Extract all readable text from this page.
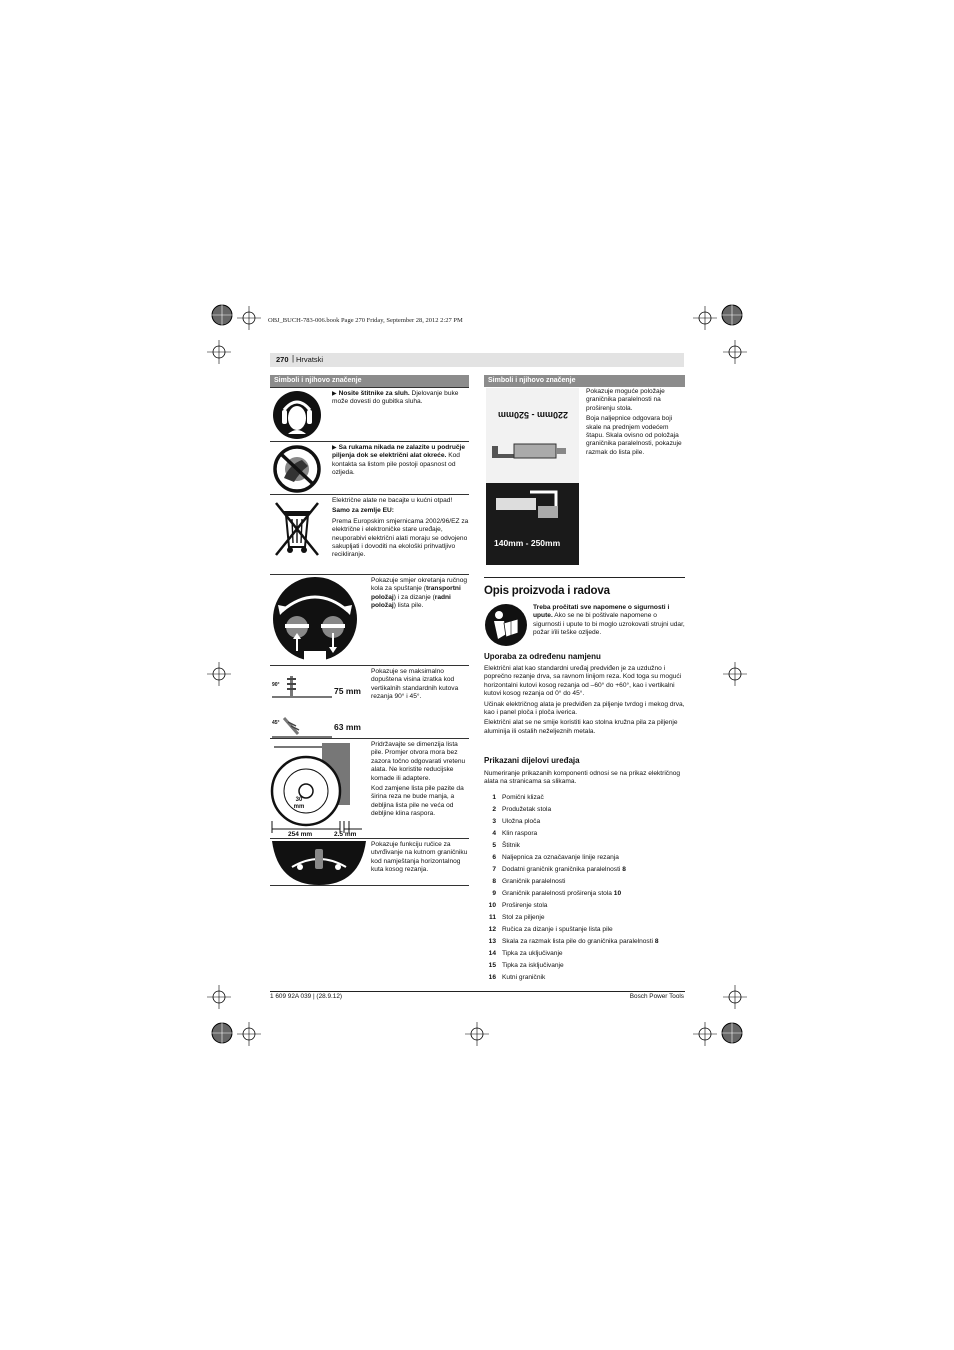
OBJ_BUCH-783-006.book Page 270 Friday, September 28, 2012 2:27 PM
270 | Hrvatski
Simboli i njihovo značenje
▶ Nosite štitnike za sluh. Djelovanje buke može dovesti do gubitka sluha.
▶ Sa rukama nikada ne zalazite u područje piljenja dok se električni alat okreće. Kod kontakta sa listom pile postoji opasnost od ozljeda.

Električne alate ne bacajte u kućni otpad!

Samo za zemlje EU:

Prema Europskim smjernicama 2002/96/EZ za električne i elektroničke stare uređaje, neuporabivi električni alati moraju se odvojeno sakupljati i dovoditi na ekološki prihvatljivo recikliranje.

Pokazuje smjer okretanja ručnog kola za spuštanje (transportni položaj) i za dizanje (radni položaj) lista pile.
90°
45°
75 mm
63 mm
Pokazuje se maksimalno dopuštena visina izratka kod vertikalnih standardnih kutova rezanja 90° i 45°.
30 mm
254 mm	2.5 mm

Pridržavajte se dimenzija lista pile. Promjer otvora mora bez zazora točno odgovarati vretenu alata. Ne koristite reducijske komade ili adaptere.

Kod zamjene lista pile pazite da širina reza ne bude manja, a debljina lista pile ne veća od debljine klina raspora.

Pokazuje funkciju ručice za utvrđivanje na kutnom graničniku kod namještanja horizontalnog kuta kosog rezanja.
Simboli i njihovo značenje
220mm - 520mm
140mm - 250mm

Pokazuje moguće položaje graničnika paralelnosti na proširenju stola.

Boja naljepnice odgovara boji skale na prednjem vodećem štapu. Skala ovisno od položaja graničnika paralelnosti, pokazuje razmak do lista pile.

Opis proizvoda i radova
Treba pročitati sve napomene o sigurnosti i upute. Ako se ne bi poštivale napomene o sigurnosti i upute to bi moglo uzrokovati strujni udar, požar i/ili teške ozljede.
Uporaba za određenu namjenu

Električni alat kao standardni uređaj predviđen je za uzdužno i poprečno rezanje drva, sa ravnom linijom reza. Kod toga su mogući horizontalni kutovi kosog rezanja od –60° do +60°, kao i vertikalni kutovi kosog rezanja od 0° do 45°.

Učinak električnog alata je predviđen za piljenje tvrdog i mekog drva, kao i panel ploča i ploča iverica.

Električni alat se ne smije koristiti kao stolna kružna pila za piljenje aluminija ili ostalih neželjeznih metala.

Prikazani dijelovi uređaja
Numeriranje prikazanih komponenti odnosi se na prikaz električnog alata na stranicama sa slikama.
1 Pomični klizač
2 Produžetak stola
3 Uložna ploča
4 Klin raspora
5 Štitnik
6 Naljepnica za označavanje linije rezanja
7 Dodatni graničnik graničnika paralelnosti 8
8 Graničnik paralelnosti
9 Graničnik paralelnosti proširenja stola 10
10 Proširenje stola
11 Stol za piljenje
12 Ručica za dizanje i spuštanje lista pile
13 Skala za razmak lista pile do graničnika paralelnosti 8
14 Tipka za uključivanje
15 Tipka za isključivanje
16 Kutni graničnik
1 609 92A 039 | (28.9.12)	Bosch Power Tools
